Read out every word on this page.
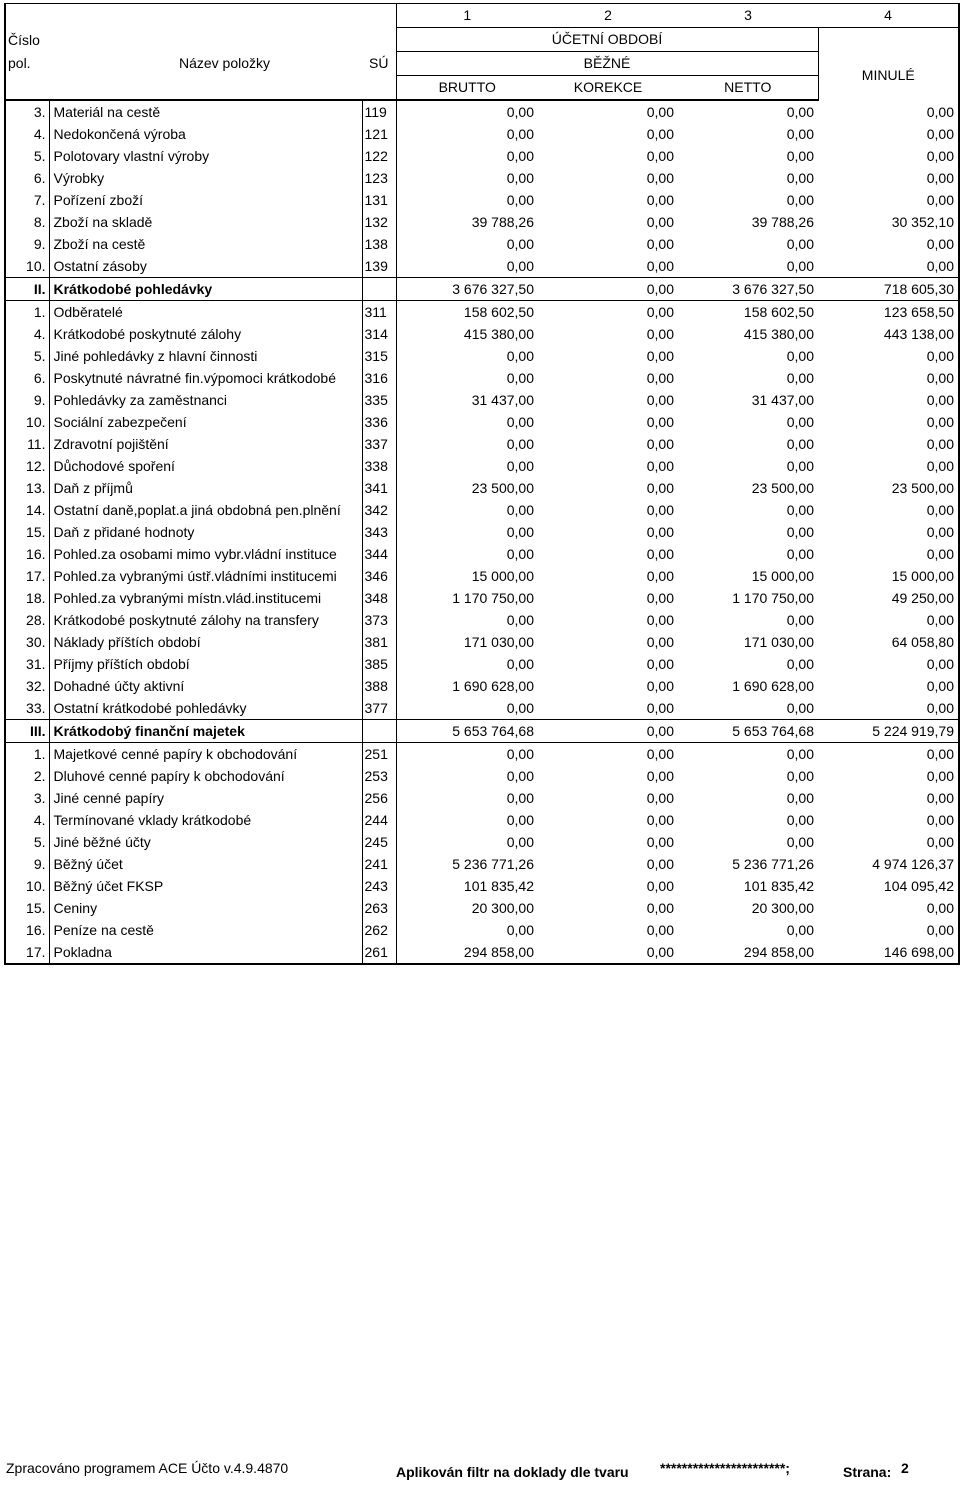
Číslo			1	2	3	4
			ÚČETNÍ OBDOBÍ			
pol.	Název položky	SÚ	BĚŽNÉ			MINULÉ
			BRUTTO	KOREKCE	NETTO	
3.	Materiál na cestě	119	0,00	0,00	0,00	0,00
4.	Nedokončená výroba	121	0,00	0,00	0,00	0,00
5.	Polotovary vlastní výroby	122	0,00	0,00	0,00	0,00
6.	Výrobky	123	0,00	0,00	0,00	0,00
7.	Pořízení zboží	131	0,00	0,00	0,00	0,00
8.	Zboží na skladě	132	39 788,26	0,00	39 788,26	30 352,10
9.	Zboží na cestě	138	0,00	0,00	0,00	0,00
10.	Ostatní zásoby	139	0,00	0,00	0,00	0,00
II.	Krátkodobé pohledávky		3 676 327,50	0,00	3 676 327,50	718 605,30
1.	Odběratelé	311	158 602,50	0,00	158 602,50	123 658,50
4.	Krátkodobé poskytnuté zálohy	314	415 380,00	0,00	415 380,00	443 138,00
5.	Jiné pohledávky z hlavní činnosti	315	0,00	0,00	0,00	0,00
6.	Poskytnuté návratné fin.výpomoci krátkodobé	316	0,00	0,00	0,00	0,00
9.	Pohledávky za zaměstnanci	335	31 437,00	0,00	31 437,00	0,00
10.	Sociální zabezpečení	336	0,00	0,00	0,00	0,00
11.	Zdravotní pojištění	337	0,00	0,00	0,00	0,00
12.	Důchodové spoření	338	0,00	0,00	0,00	0,00
13.	Daň z příjmů	341	23 500,00	0,00	23 500,00	23 500,00
14.	Ostatní daně,poplat.a jiná obdobná pen.plnění	342	0,00	0,00	0,00	0,00
15.	Daň z přidané hodnoty	343	0,00	0,00	0,00	0,00
16.	Pohled.za osobami mimo vybr.vládní instituce	344	0,00	0,00	0,00	0,00
17.	Pohled.za vybranými ústř.vládními institucemi	346	15 000,00	0,00	15 000,00	15 000,00
18.	Pohled.za vybranými místn.vlád.institucemi	348	1 170 750,00	0,00	1 170 750,00	49 250,00
28.	Krátkodobé poskytnuté zálohy na transfery	373	0,00	0,00	0,00	0,00
30.	Náklady příštích období	381	171 030,00	0,00	171 030,00	64 058,80
31.	Příjmy příštích období	385	0,00	0,00	0,00	0,00
32.	Dohadné účty aktivní	388	1 690 628,00	0,00	1 690 628,00	0,00
33.	Ostatní krátkodobé pohledávky	377	0,00	0,00	0,00	0,00
III.	Krátkodobý finanční majetek		5 653 764,68	0,00	5 653 764,68	5 224 919,79
1.	Majetkové cenné papíry k obchodování	251	0,00	0,00	0,00	0,00
2.	Dluhové cenné papíry k obchodování	253	0,00	0,00	0,00	0,00
3.	Jiné cenné papíry	256	0,00	0,00	0,00	0,00
4.	Termínované vklady krátkodobé	244	0,00	0,00	0,00	0,00
5.	Jiné běžné účty	245	0,00	0,00	0,00	0,00
9.	Běžný účet	241	5 236 771,26	0,00	5 236 771,26	4 974 126,37
10.	Běžný účet FKSP	243	101 835,42	0,00	101 835,42	104 095,42
15.	Ceniny	263	20 300,00	0,00	20 300,00	0,00
16.	Peníze na cestě	262	0,00	0,00	0,00	0,00
17.	Pokladna	261	294 858,00	0,00	294 858,00	146 698,00
Zpracováno programem ACE Účto v.4.9.4870	Aplikován filtr na doklady dle tvaru ***********************;	Strana: 2
